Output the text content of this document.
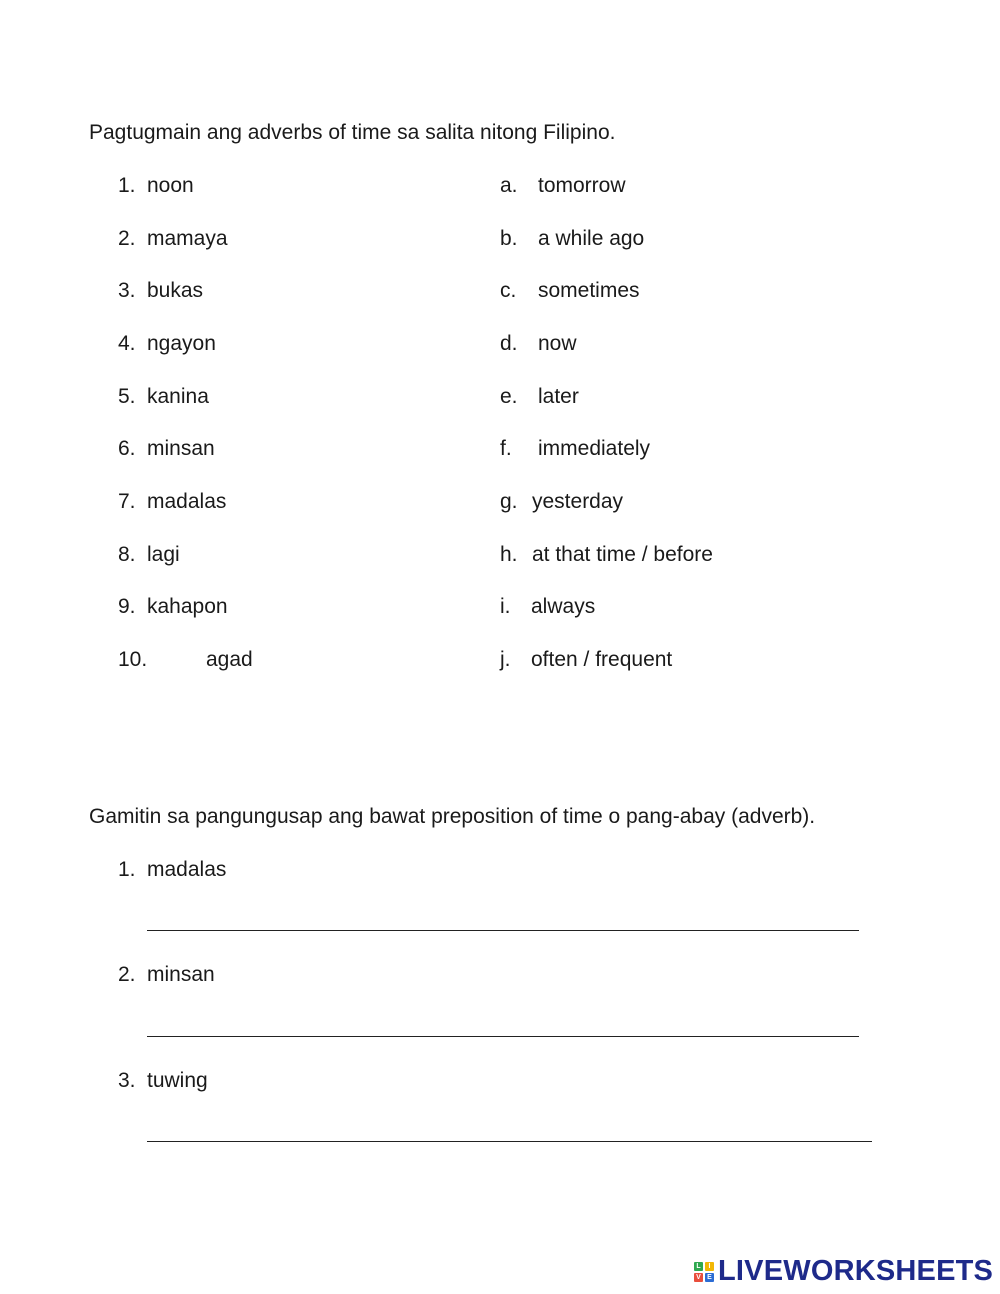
Pagtugmain ang adverbs of time sa salita nitong Filipino.
1. noon
2. mamaya
3. bukas
4. ngayon
5. kanina
6. minsan
7. madalas
8. lagi
9. kahapon
10.	agad
a. tomorrow
b. a while ago
c. sometimes
d. now
e. later
f. immediately
g. yesterday
h. at that time / before
i. always
j. often / frequent
Gamitin sa pangungusap ang bawat preposition of time o pang-abay (adverb).
1. madalas
2. minsan
3. tuwing
L	I
V E LIVEWORKSHEETS
